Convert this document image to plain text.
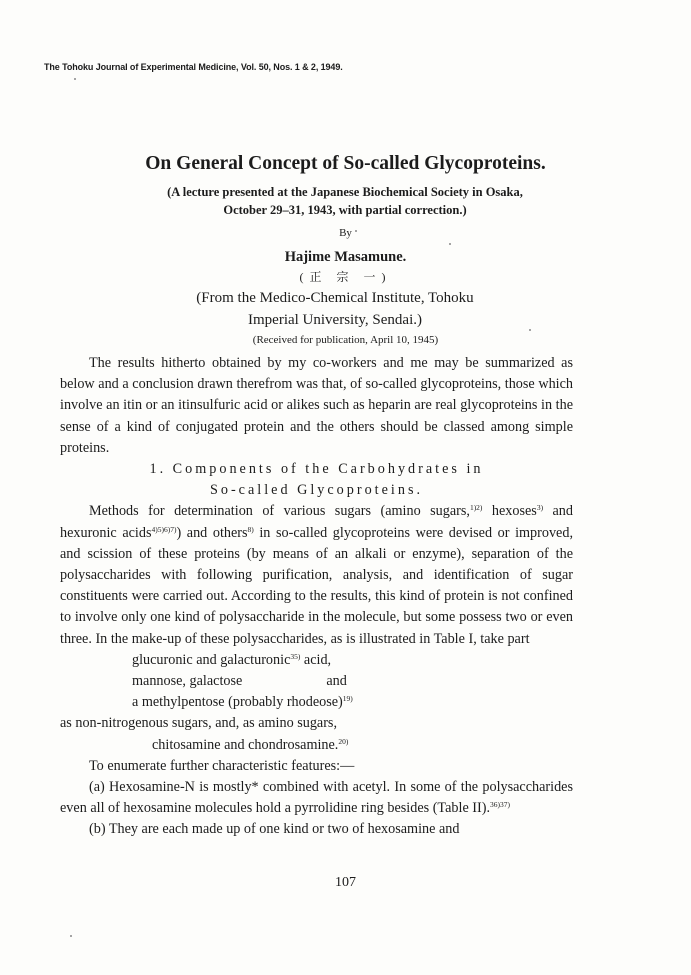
The Tohoku Journal of Experimental Medicine, Vol. 50, Nos. 1 & 2, 1949.
On General Concept of So-called Glycoproteins.
(A lecture presented at the Japanese Biochemical Society in Osaka,
October 29–31, 1943, with partial correction.)
By
Hajime Masamune.
(正 宗 一)
(From the Medico-Chemical Institute, Tohoku
Imperial University, Sendai.)
(Received for publication, April 10, 1945)

The results hitherto obtained by my co-workers and me may be summarized as below and a conclusion drawn therefrom was that, of so-called glycoproteins, those which involve an itin or an itinsulfuric acid or alikes such as heparin are real glycoproteins in the sense of a kind of conjugated protein and the others should be classed among simple proteins.

1. Components of the Carbohydrates in
So-called Glycoproteins.

Methods for determination of various sugars (amino sugars,$^{1)2)}$ hexoses$^{3)}$ and hexuronic acids$^{4)5)6)7)}$) and others$^{8)}$ in so-called glycoproteins were devised or improved, and scission of these proteins (by means of an alkali or enzyme), separation of the polysaccharides with following purification, analysis, and identification of sugar constituents were carried out. According to the results, this kind of protein is not confined to involve only one kind of polysaccharide in the molecule, but some possess two or even three. In the make-up of these polysaccharides, as is illustrated in Table I, take part

glucuronic and galacturonic$^{35)}$ acid,
mannose, galactose	and
a methylpentose (probably rhodeose)$^{19)}$
as non-nitrogenous sugars, and, as amino sugars,
chitosamine and chondrosamine.$^{20)}$

To enumerate further characteristic features:—

(a) Hexosamine-N is mostly* combined with acetyl. In some of the polysaccharides even all of hexosamine molecules hold a pyrrolidine ring besides (Table II).$^{36)37)}$

(b) They are each made up of one kind or two of hexosamine and

107
